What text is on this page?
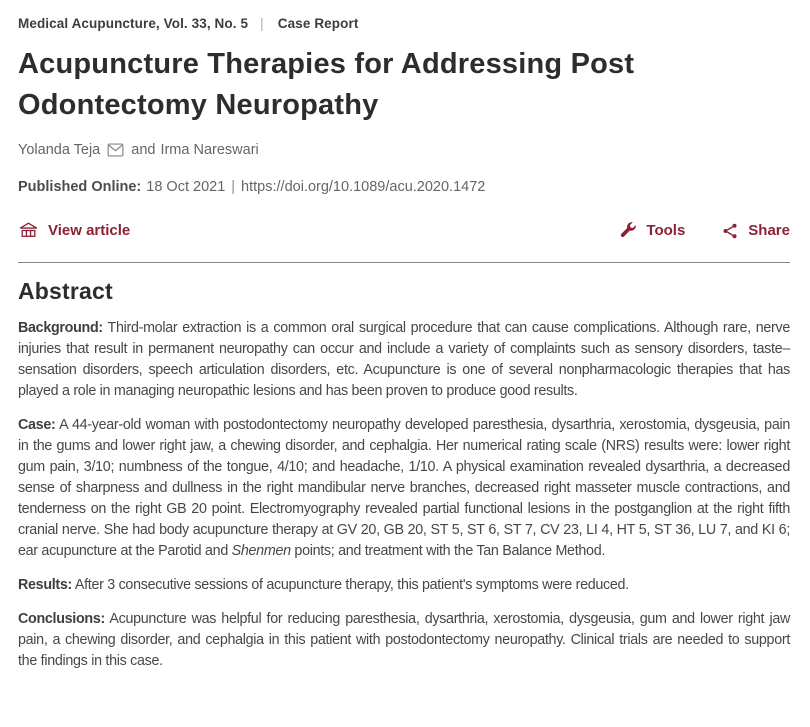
Medical Acupuncture, Vol. 33, No. 5 | Case Report
Acupuncture Therapies for Addressing Post Odontectomy Neuropathy
Yolanda Teja and Irma Nareswari
Published Online: 18 Oct 2021 | https://doi.org/10.1089/acu.2020.1472
View article	Tools	Share
Abstract

Background: Third-molar extraction is a common oral surgical procedure that can cause complications. Although rare, nerve injuries that result in permanent neuropathy can occur and include a variety of complaints such as sensory disorders, taste–sensation disorders, speech articulation disorders, etc. Acupuncture is one of several nonpharmacologic therapies that has played a role in managing neuropathic lesions and has been proven to produce good results.

Case: A 44-year-old woman with postodontectomy neuropathy developed paresthesia, dysarthria, xerostomia, dysgeusia, pain in the gums and lower right jaw, a chewing disorder, and cephalgia. Her numerical rating scale (NRS) results were: lower right gum pain, 3/10; numbness of the tongue, 4/10; and headache, 1/10. A physical examination revealed dysarthria, a decreased sense of sharpness and dullness in the right mandibular nerve branches, decreased right masseter muscle contractions, and tenderness on the right GB 20 point. Electromyography revealed partial functional lesions in the postganglion at the right fifth cranial nerve. She had body acupuncture therapy at GV 20, GB 20, ST 5, ST 6, ST 7, CV 23, LI 4, HT 5, ST 36, LU 7, and KI 6; ear acupuncture at the Parotid and Shenmen points; and treatment with the Tan Balance Method.

Results: After 3 consecutive sessions of acupuncture therapy, this patient's symptoms were reduced.

Conclusions: Acupuncture was helpful for reducing paresthesia, dysarthria, xerostomia, dysgeusia, gum and lower right jaw pain, a chewing disorder, and cephalgia in this patient with postodontectomy neuropathy. Clinical trials are needed to support the findings in this case.
